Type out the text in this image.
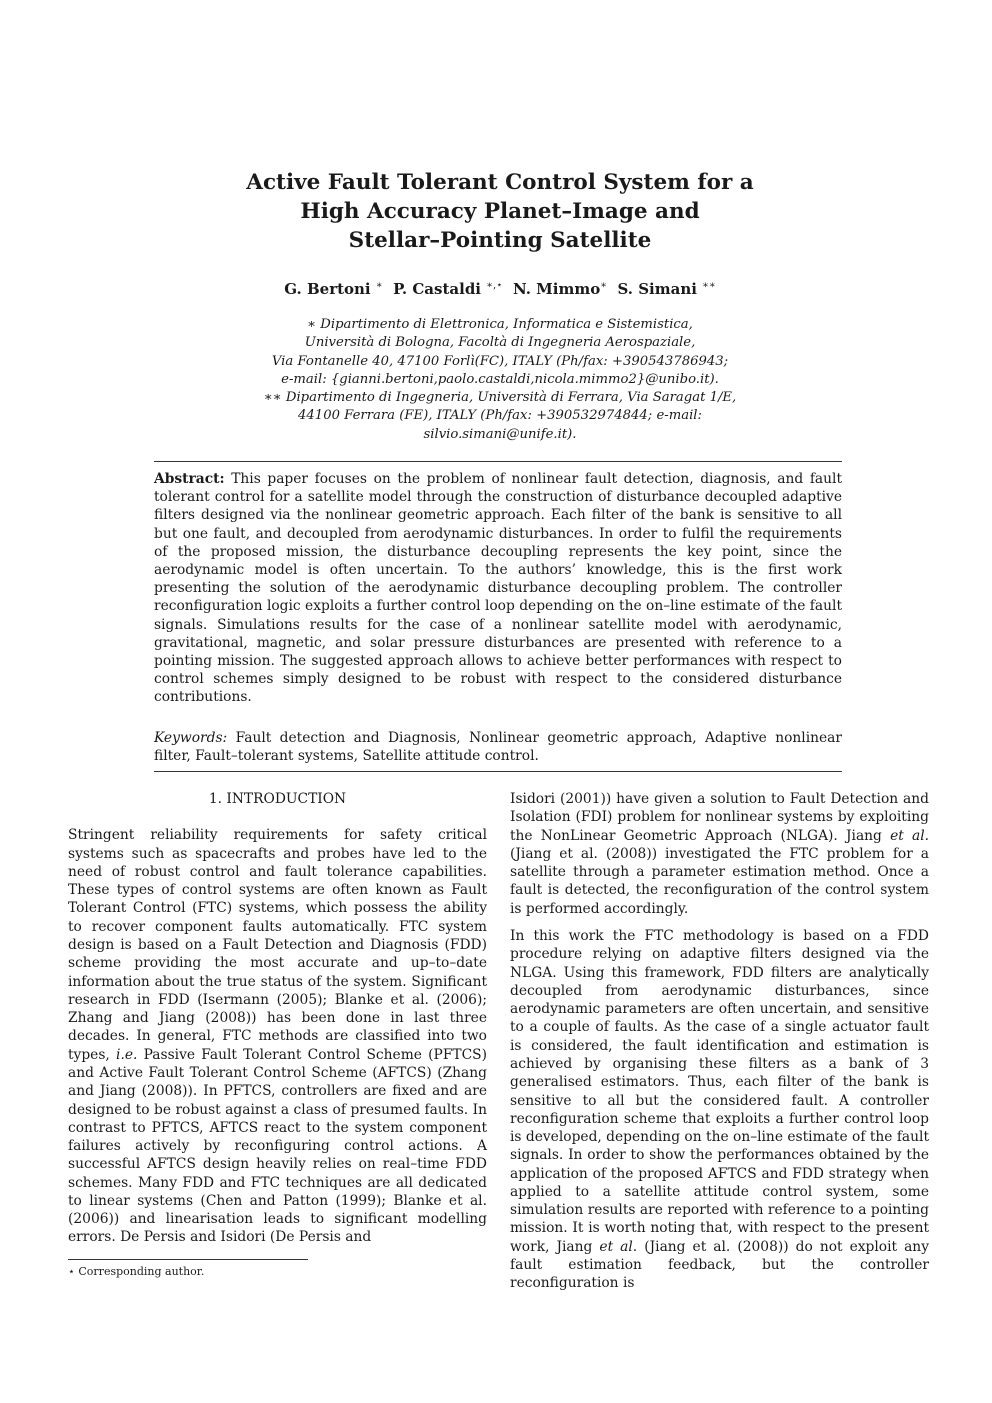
Active Fault Tolerant Control System for a
High Accuracy Planet–Image and
Stellar–Pointing Satellite
G. Bertoni ∗ P. Castaldi ∗,⋆ N. Mimmo∗ S. Simani ∗∗
∗ Dipartimento di Elettronica, Informatica e Sistemistica,
Università di Bologna, Facoltà di Ingegneria Aerospaziale,
Via Fontanelle 40, 47100 Forlì(FC), ITALY (Ph/fax: +390543786943;
e-mail: {gianni.bertoni,paolo.castaldi,nicola.mimmo2}@unibo.it).
∗∗ Dipartimento di Ingegneria, Università di Ferrara, Via Saragat 1/E,
44100 Ferrara (FE), ITALY (Ph/fax: +390532974844; e-mail:
silvio.simani@unife.it).
Abstract: This paper focuses on the problem of nonlinear fault detection, diagnosis, and fault tolerant control for a satellite model through the construction of disturbance decoupled adaptive filters designed via the nonlinear geometric approach. Each filter of the bank is sensitive to all but one fault, and decoupled from aerodynamic disturbances. In order to fulfil the requirements of the proposed mission, the disturbance decoupling represents the key point, since the aerodynamic model is often uncertain. To the authors’ knowledge, this is the first work presenting the solution of the aerodynamic disturbance decoupling problem. The controller reconfiguration logic exploits a further control loop depending on the on–line estimate of the fault signals. Simulations results for the case of a nonlinear satellite model with aerodynamic, gravitational, magnetic, and solar pressure disturbances are presented with reference to a pointing mission. The suggested approach allows to achieve better performances with respect to control schemes simply designed to be robust with respect to the considered disturbance contributions.
Keywords: Fault detection and Diagnosis, Nonlinear geometric approach, Adaptive nonlinear filter, Fault–tolerant systems, Satellite attitude control.
1. INTRODUCTION

Stringent reliability requirements for safety critical systems such as spacecrafts and probes have led to the need of robust control and fault tolerance capabilities. These types of control systems are often known as Fault Tolerant Control (FTC) systems, which possess the ability to recover component faults automatically. FTC system design is based on a Fault Detection and Diagnosis (FDD) scheme providing the most accurate and up–to–date information about the true status of the system. Significant research in FDD (Isermann (2005); Blanke et al. (2006); Zhang and Jiang (2008)) has been done in last three decades. In general, FTC methods are classified into two types, i.e. Passive Fault Tolerant Control Scheme (PFTCS) and Active Fault Tolerant Control Scheme (AFTCS) (Zhang and Jiang (2008)). In PFTCS, controllers are fixed and are designed to be robust against a class of presumed faults. In contrast to PFTCS, AFTCS react to the system component failures actively by reconfiguring control actions. A successful AFTCS design heavily relies on real–time FDD schemes. Many FDD and FTC techniques are all dedicated to linear systems (Chen and Patton (1999); Blanke et al. (2006)) and linearisation leads to significant modelling errors. De Persis and Isidori (De Persis and

Isidori (2001)) have given a solution to Fault Detection and Isolation (FDI) problem for nonlinear systems by exploiting the NonLinear Geometric Approach (NLGA). Jiang et al. (Jiang et al. (2008)) investigated the FTC problem for a satellite through a parameter estimation method. Once a fault is detected, the reconfiguration of the control system is performed accordingly.

In this work the FTC methodology is based on a FDD procedure relying on adaptive filters designed via the NLGA. Using this framework, FDD filters are analytically decoupled from aerodynamic disturbances, since aerodynamic parameters are often uncertain, and sensitive to a couple of faults. As the case of a single actuator fault is considered, the fault identification and estimation is achieved by organising these filters as a bank of 3 generalised estimators. Thus, each filter of the bank is sensitive to all but the considered fault. A controller reconfiguration scheme that exploits a further control loop is developed, depending on the on–line estimate of the fault signals. In order to show the performances obtained by the application of the proposed AFTCS and FDD strategy when applied to a satellite attitude control system, some simulation results are reported with reference to a pointing mission. It is worth noting that, with respect to the present work, Jiang et al. (Jiang et al. (2008)) do not exploit any fault estimation feedback, but the controller reconfiguration is

⋆ Corresponding author.
